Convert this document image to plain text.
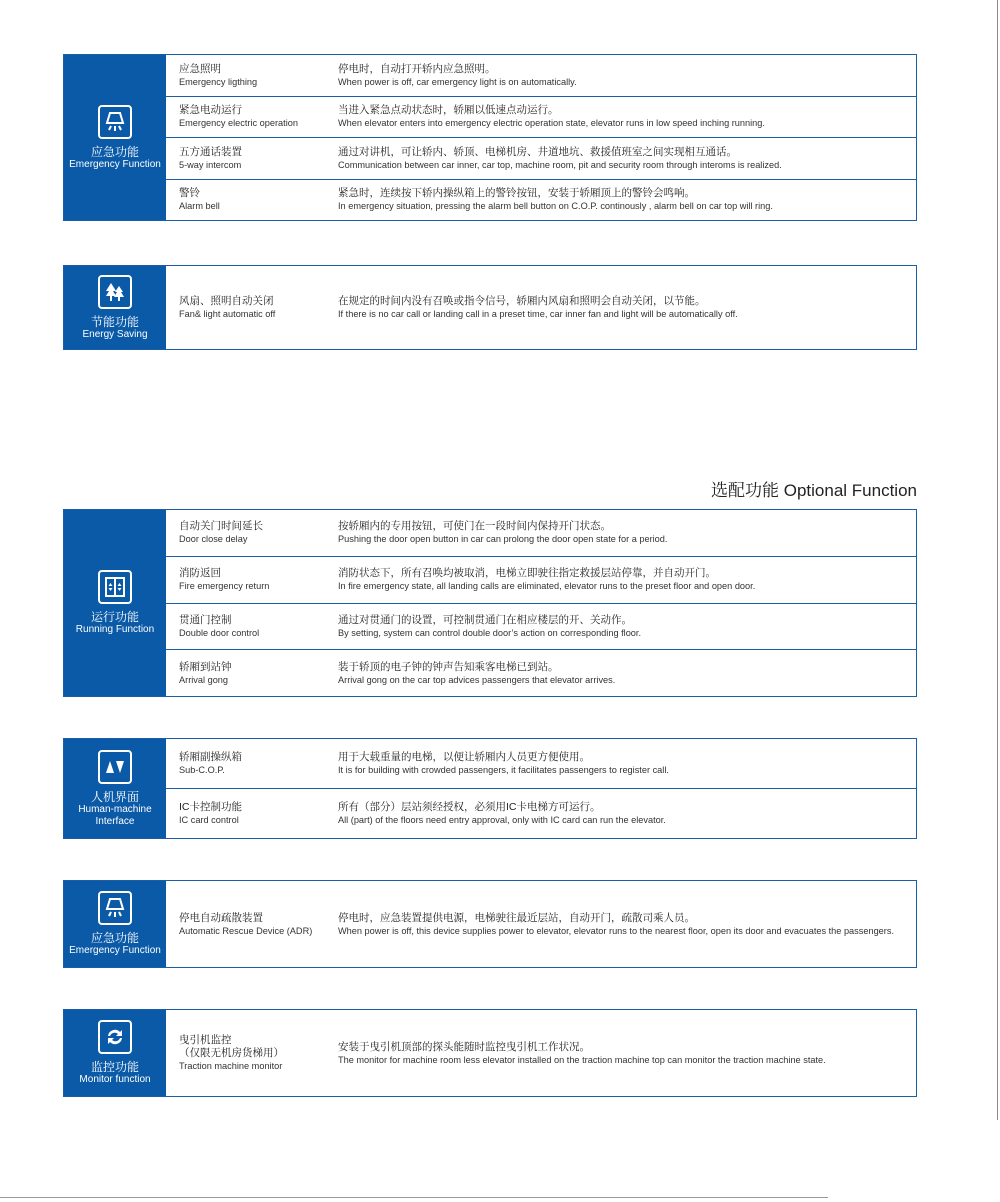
应急功能
Emergency Function
应急照明
Emergency ligthing
停电时，自动打开轿内应急照明。
When power is off, car emergency light is on automatically.
紧急电动运行
Emergency electric operation
当进入紧急点动状态时，轿厢以低速点动运行。
When elevator enters into emergency electric operation state, elevator runs in low speed inching running.
五方通话装置
5-way intercom
通过对讲机，可让轿内、轿顶、电梯机房、井道地坑、救援值班室之间实现相互通话。
Communication between car inner, car top, machine room, pit and security room through interoms is realized.
警铃
Alarm bell
紧急时，连续按下轿内操纵箱上的警铃按钮，安装于轿厢顶上的警铃会鸣响。
In emergency situation, pressing the alarm bell button on C.O.P. continously , alarm bell on car top will ring.
节能功能
Energy Saving
风扇、照明自动关闭
Fan& light automatic off
在规定的时间内没有召唤或指令信号，轿厢内风扇和照明会自动关闭，以节能。
If there is no car call or landing call in a preset time, car inner fan and light will be automatically off.
选配功能 Optional Function
运行功能
Running Function
自动关门时间延长
Door close delay
按轿厢内的专用按钮，可使门在一段时间内保持开门状态。
Pushing the door open button in car can prolong the door open state for a period.
消防返回
Fire emergency return
消防状态下，所有召唤均被取消，电梯立即驶往指定救援层站停靠，并自动开门。
In fire emergency state, all landing calls are eliminated, elevator runs to the preset floor and open door.
贯通门控制
Double door control
通过对贯通门的设置，可控制贯通门在相应楼层的开、关动作。
By setting, system can control double door’s action on corresponding floor.
轿厢到站钟
Arrival gong
装于轿顶的电子钟的钟声告知乘客电梯已到站。
Arrival gong on the car top advices passengers that elevator arrives.
人机界面
Human-machine
Interface
轿厢副操纵箱
Sub-C.O.P.
用于大载重量的电梯，以便让轿厢内人员更方便使用。
It is for building with crowded passengers, it facilitates passengers to register call.
IC卡控制功能
IC card control
所有（部分）层站须经授权，必须用IC卡电梯方可运行。
All (part) of the floors need entry approval, only with IC card can run the elevator.
应急功能
Emergency Function
停电自动疏散装置
Automatic Rescue Device (ADR)
停电时，应急装置提供电源，电梯驶往最近层站，自动开门，疏散司乘人员。
When power is off, this device supplies power to elevator, elevator runs to the nearest floor, open its door and evacuates the passengers.
监控功能
Monitor function
曳引机监控
（仅限无机房货梯用）
Traction machine monitor
安装于曳引机顶部的探头能随时监控曳引机工作状况。
The monitor for machine room less elevator installed on the traction machine top can monitor the traction machine state.
